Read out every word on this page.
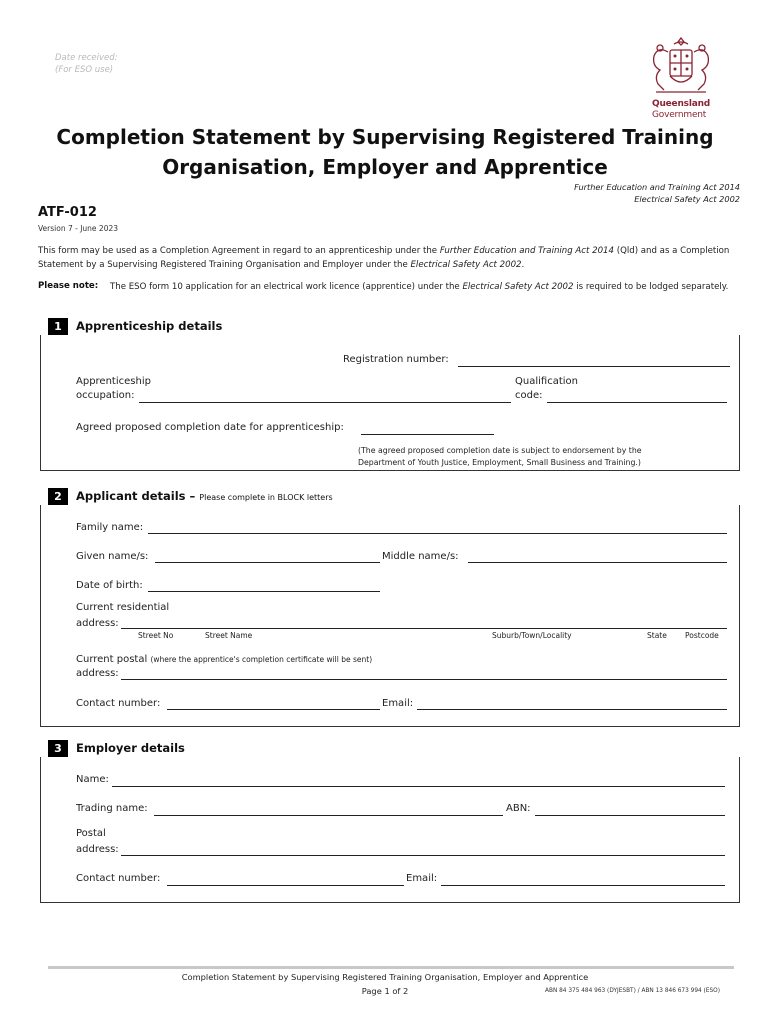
Date received:
(For ESO use)
Queensland
Government
Completion Statement by Supervising Registered Training
Organisation, Employer and Apprentice
Further Education and Training Act 2014
Electrical Safety Act 2002
ATF-012
Version 7 - June 2023
This form may be used as a Completion Agreement in regard to an apprenticeship under the Further Education and Training Act 2014 (Qld) and as a Completion Statement by a Supervising Registered Training Organisation and Employer under the Electrical Safety Act 2002.
Please note: The ESO form 10 application for an electrical work licence (apprentice) under the Electrical Safety Act 2002 is required to be lodged separately.
1	Apprenticeship details
Registration number:
Apprenticeship
occupation:
Qualification
code:
Agreed proposed completion date for apprenticeship:
(The agreed proposed completion date is subject to endorsement by the
Department of Youth Justice, Employment, Small Business and Training.)
2	Applicant details – Please complete in BLOCK letters
Family name:
Given name/s:	Middle name/s:
Date of birth:
Current residential
address:
Street No	Street Name	Suburb/Town/Locality	State Postcode
Current postal (where the apprentice's completion certificate will be sent)
address:
Contact number:	Email:
3	Employer details
Name:
Trading name:	ABN:
Postal
address:
Contact number:	Email:
Completion Statement by Supervising Registered Training Organisation, Employer and Apprentice
Page 1 of 2	ABN 84 375 484 963 (DYJESBT) / ABN 13 846 673 994 (ESO)
